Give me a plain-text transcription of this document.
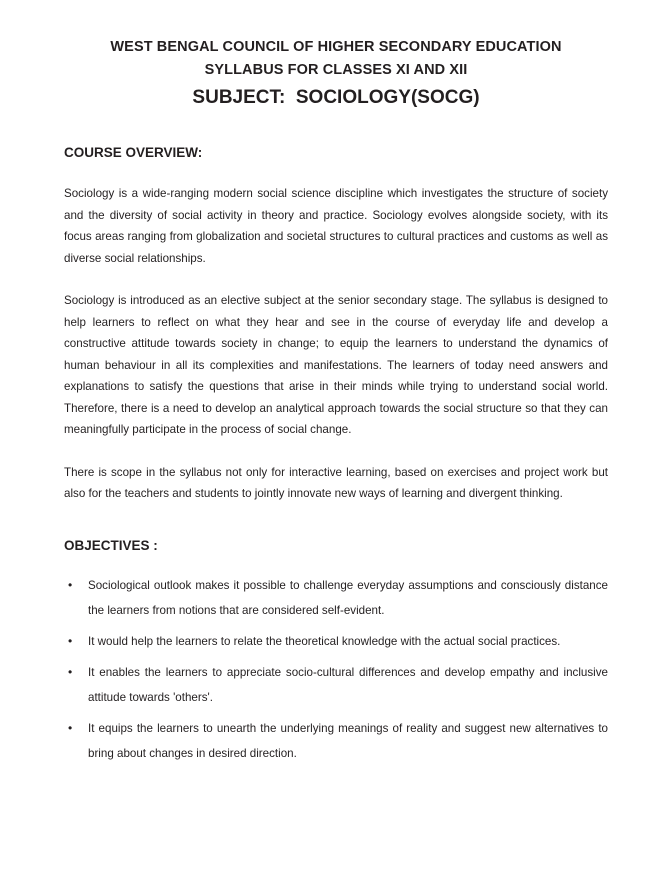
WEST BENGAL COUNCIL OF HIGHER SECONDARY EDUCATION
SYLLABUS FOR CLASSES XI AND XII
SUBJECT:  SOCIOLOGY(SOCG)
COURSE OVERVIEW:

Sociology is a wide-ranging modern social science discipline which investigates the structure of society and the diversity of social activity in theory and practice. Sociology evolves alongside society, with its focus areas ranging from globalization and societal structures to cultural practices and customs as well as diverse social relationships.

Sociology is introduced as an elective subject at the senior secondary stage. The syllabus is designed to help learners to reflect on what they hear and see in the course of everyday life and develop a constructive attitude towards society in change; to equip the learners to understand the dynamics of human behaviour in all its complexities and manifestations. The learners of today need answers and explanations to satisfy the questions that arise in their minds while trying to understand social world. Therefore, there is a need to develop an analytical approach towards the social structure so that they can meaningfully participate in the process of social change.

There is scope in the syllabus not only for interactive learning, based on exercises and project work but also for the teachers and students to jointly innovate new ways of learning and divergent thinking.

OBJECTIVES :
• Sociological outlook makes it possible to challenge everyday assumptions and consciously distance the learners from notions that are considered self-evident.
• It would help the learners to relate the theoretical knowledge with the actual social practices.
• It enables the learners to appreciate socio-cultural differences and develop empathy and inclusive attitude towards 'others'.
• It equips the learners to unearth the underlying meanings of reality and suggest new alternatives to bring about changes in desired direction.
